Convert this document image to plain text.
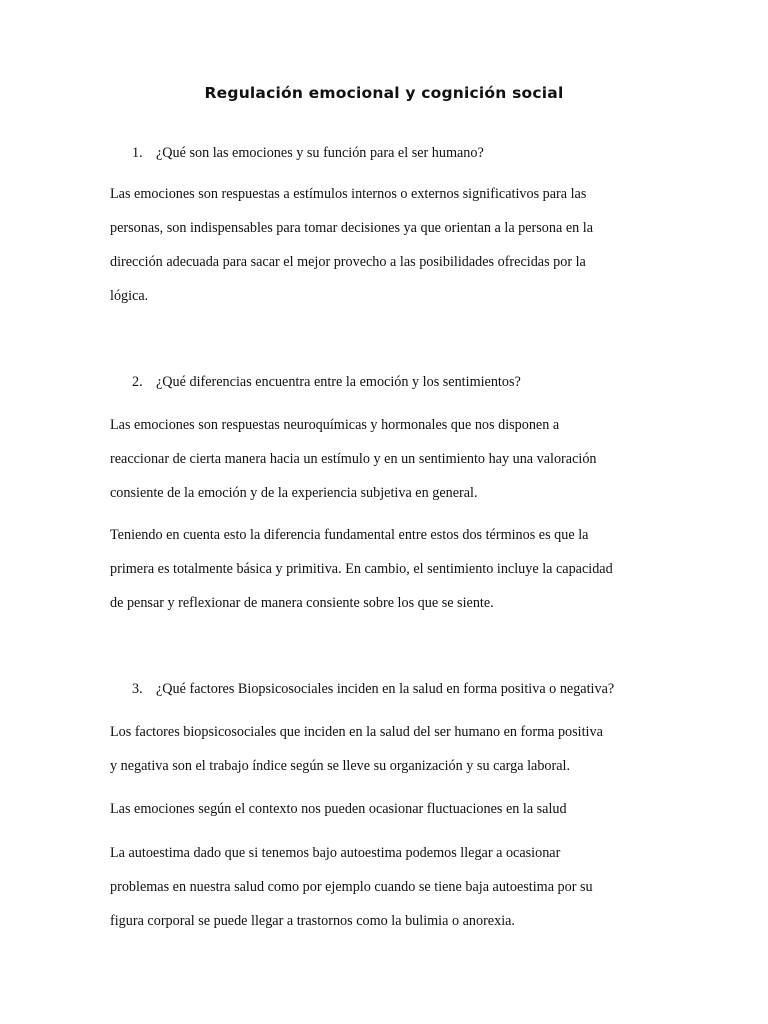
Regulación emocional y cognición social

1. ¿Qué son las emociones y su función para el ser humano?

Las emociones son respuestas a estímulos internos o externos significativos para las
personas, son indispensables para tomar decisiones ya que orientan a la persona en la
dirección adecuada para sacar el mejor provecho a las posibilidades ofrecidas por la
lógica.

2. ¿Qué diferencias encuentra entre la emoción y los sentimientos?

Las emociones son respuestas neuroquímicas y hormonales que nos disponen a
reaccionar de cierta manera hacia un estímulo y en un sentimiento hay una valoración
consiente de la emoción y de la experiencia subjetiva en general.

Teniendo en cuenta esto la diferencia fundamental entre estos dos términos es que la
primera es totalmente básica y primitiva. En cambio, el sentimiento incluye la capacidad
de pensar y reflexionar de manera consiente sobre los que se siente.

3. ¿Qué factores Biopsicosociales inciden en la salud en forma positiva o negativa?

Los factores biopsicosociales que inciden en la salud del ser humano en forma positiva
y negativa son el trabajo índice según se lleve su organización y su carga laboral.

Las emociones según el contexto nos pueden ocasionar fluctuaciones en la salud

La autoestima dado que si tenemos bajo autoestima podemos llegar a ocasionar
problemas en nuestra salud como por ejemplo cuando se tiene baja autoestima por su
figura corporal se puede llegar a trastornos como la bulimia o anorexia.
